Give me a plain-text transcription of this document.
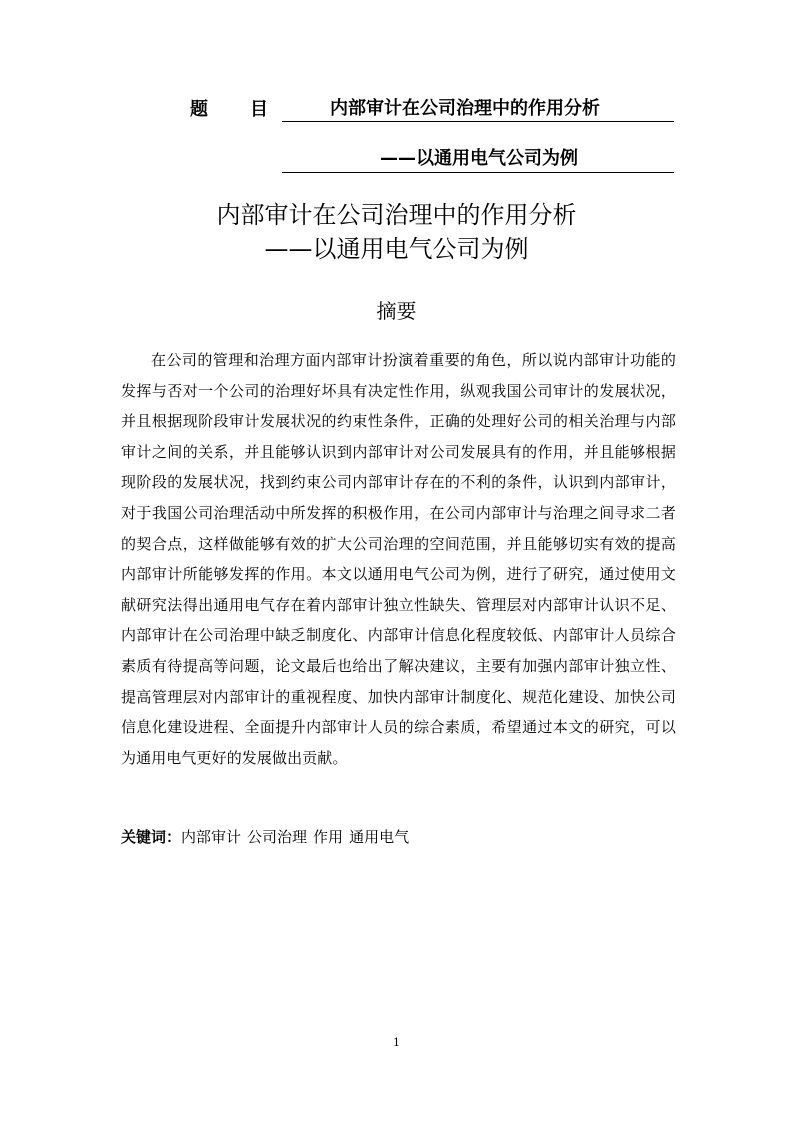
题 目	内部审计在公司治理中的作用分析
——以通用电气公司为例
内部审计在公司治理中的作用分析
——以通用电气公司为例
摘要

在公司的管理和治理方面内部审计扮演着重要的角色，所以说内部审计功能的发挥与否对一个公司的治理好坏具有决定性作用，纵观我国公司审计的发展状况，并且根据现阶段审计发展状况的约束性条件，正确的处理好公司的相关治理与内部审计之间的关系，并且能够认识到内部审计对公司发展具有的作用，并且能够根据现阶段的发展状况，找到约束公司内部审计存在的不利的条件，认识到内部审计，对于我国公司治理活动中所发挥的积极作用，在公司内部审计与治理之间寻求二者的契合点，这样做能够有效的扩大公司治理的空间范围，并且能够切实有效的提高内部审计所能够发挥的作用。本文以通用电气公司为例，进行了研究，通过使用文献研究法得出通用电气存在着内部审计独立性缺失、管理层对内部审计认识不足、内部审计在公司治理中缺乏制度化、内部审计信息化程度较低、内部审计人员综合素质有待提高等问题，论文最后也给出了解决建议，主要有加强内部审计独立性、提高管理层对内部审计的重视程度、加快内部审计制度化、规范化建设、加快公司信息化建设进程、全面提升内部审计人员的综合素质，希望通过本文的研究，可以为通用电气更好的发展做出贡献。

关键词：内部审计 公司治理 作用 通用电气
1
